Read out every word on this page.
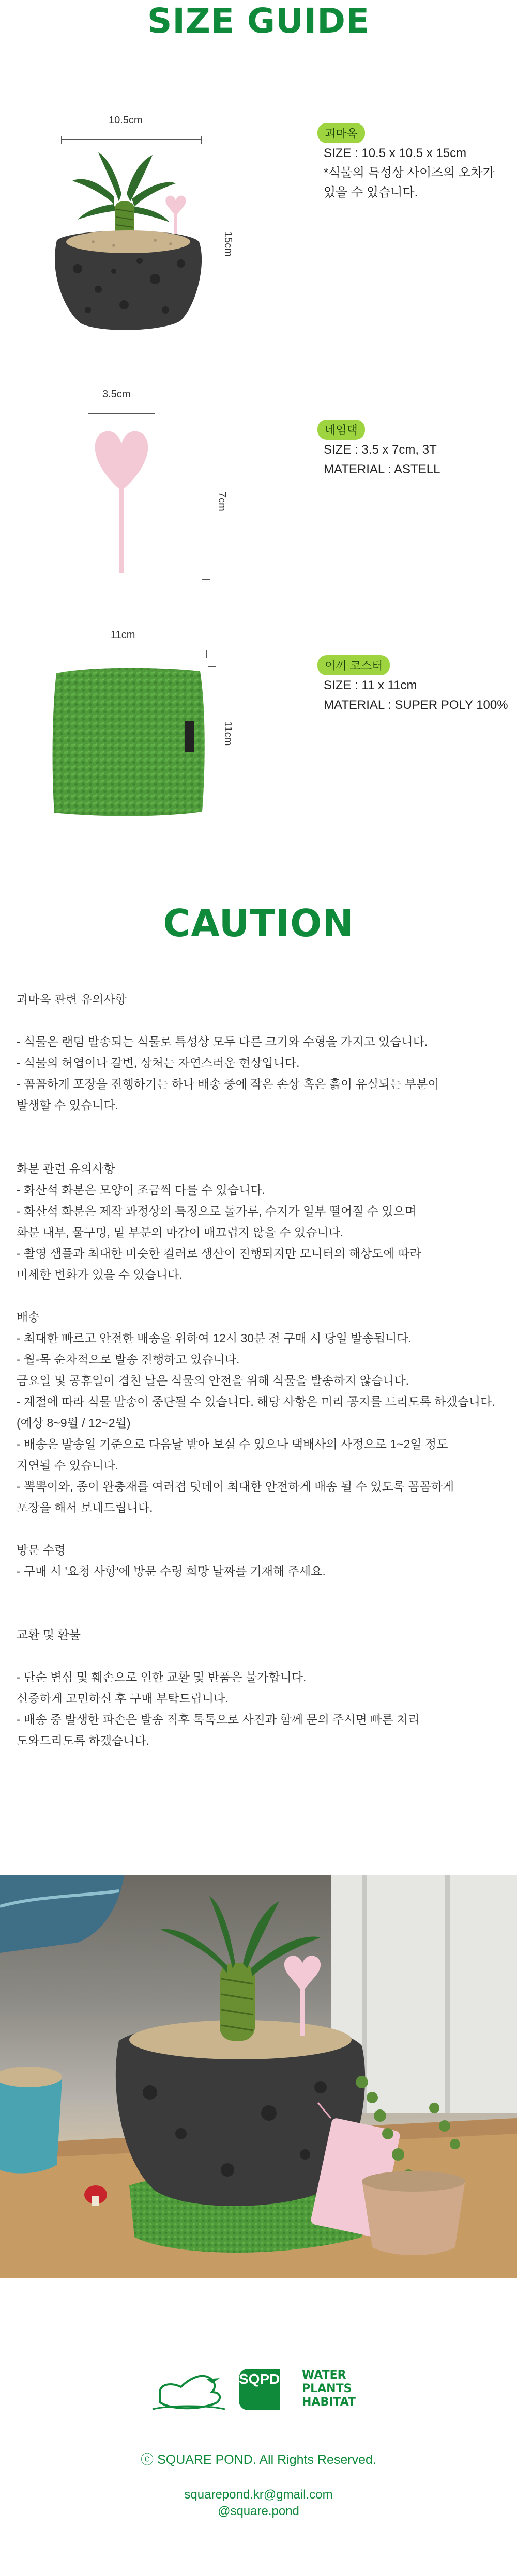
SIZE GUIDE
10.5cm
15cm
괴마옥
SIZE : 10.5 x 10.5 x 15cm
*식물의 특성상 사이즈의 오차가
있을 수 있습니다.
3.5cm
7cm
네임택
SIZE : 3.5 x 7cm, 3T
MATERIAL : ASTELL
11cm
11cm
이끼 코스터
SIZE : 11 x 11cm
MATERIAL : SUPER POLY 100%
CAUTION

괴마옥 관련 유의사항

- 식물은 랜덤 발송되는 식물로 특성상 모두 다른 크기와 수형을 가지고 있습니다.

- 식물의 허엽이나 갈변, 상처는 자연스러운 현상입니다.

- 꼼꼼하게 포장을 진행하기는 하나 배송 중에 작은 손상 혹은 흙이 유실되는 부분이

발생할 수 있습니다.

화분 관련 유의사항

- 화산석 화분은 모양이 조금씩 다를 수 있습니다.

- 화산석 화분은 제작 과정상의 특징으로 돌가루, 수지가 일부 떨어질 수 있으며

화분 내부, 물구멍, 밑 부분의 마감이 매끄럽지 않을 수 있습니다.

- 촬영 샘플과 최대한 비슷한 컬러로 생산이 진행되지만 모니터의 해상도에 따라

미세한 변화가 있을 수 있습니다.

배송

- 최대한 빠르고 안전한 배송을 위하여 12시 30분 전 구매 시 당일 발송됩니다.

- 월-목 순차적으로 발송 진행하고 있습니다.

금요일 및 공휴일이 겹친 날은 식물의 안전을 위해 식물을 발송하지 않습니다.

- 계절에 따라 식물 발송이 중단될 수 있습니다. 해당 사항은 미리 공지를 드리도록 하겠습니다.

(예상 8~9월 / 12~2월)

- 배송은 발송일 기준으로 다음날 받아 보실 수 있으나 택배사의 사정으로 1~2일 정도

지연될 수 있습니다.

- 뽁뽁이와, 종이 완충재를 여러겹 덧데어 최대한 안전하게 배송 될 수 있도록 꼼꼼하게

포장을 해서 보내드립니다.

방문 수령

- 구매 시 '요청 사항'에 방문 수령 희망 날짜를 기재해 주세요.

교환 및 환불

- 단순 변심 및 훼손으로 인한 교환 및 반품은 불가합니다.

신중하게 고민하신 후 구매 부탁드립니다.

- 배송 중 발생한 파손은 발송 직후 톡톡으로 사진과 함께 문의 주시면 빠른 처리

도와드리도록 하겠습니다.

SQPD WATER
PLANTS
HABITAT
ⓒ SQUARE POND. All Rights Reserved.
squarepond.kr@gmail.com
@square.pond
